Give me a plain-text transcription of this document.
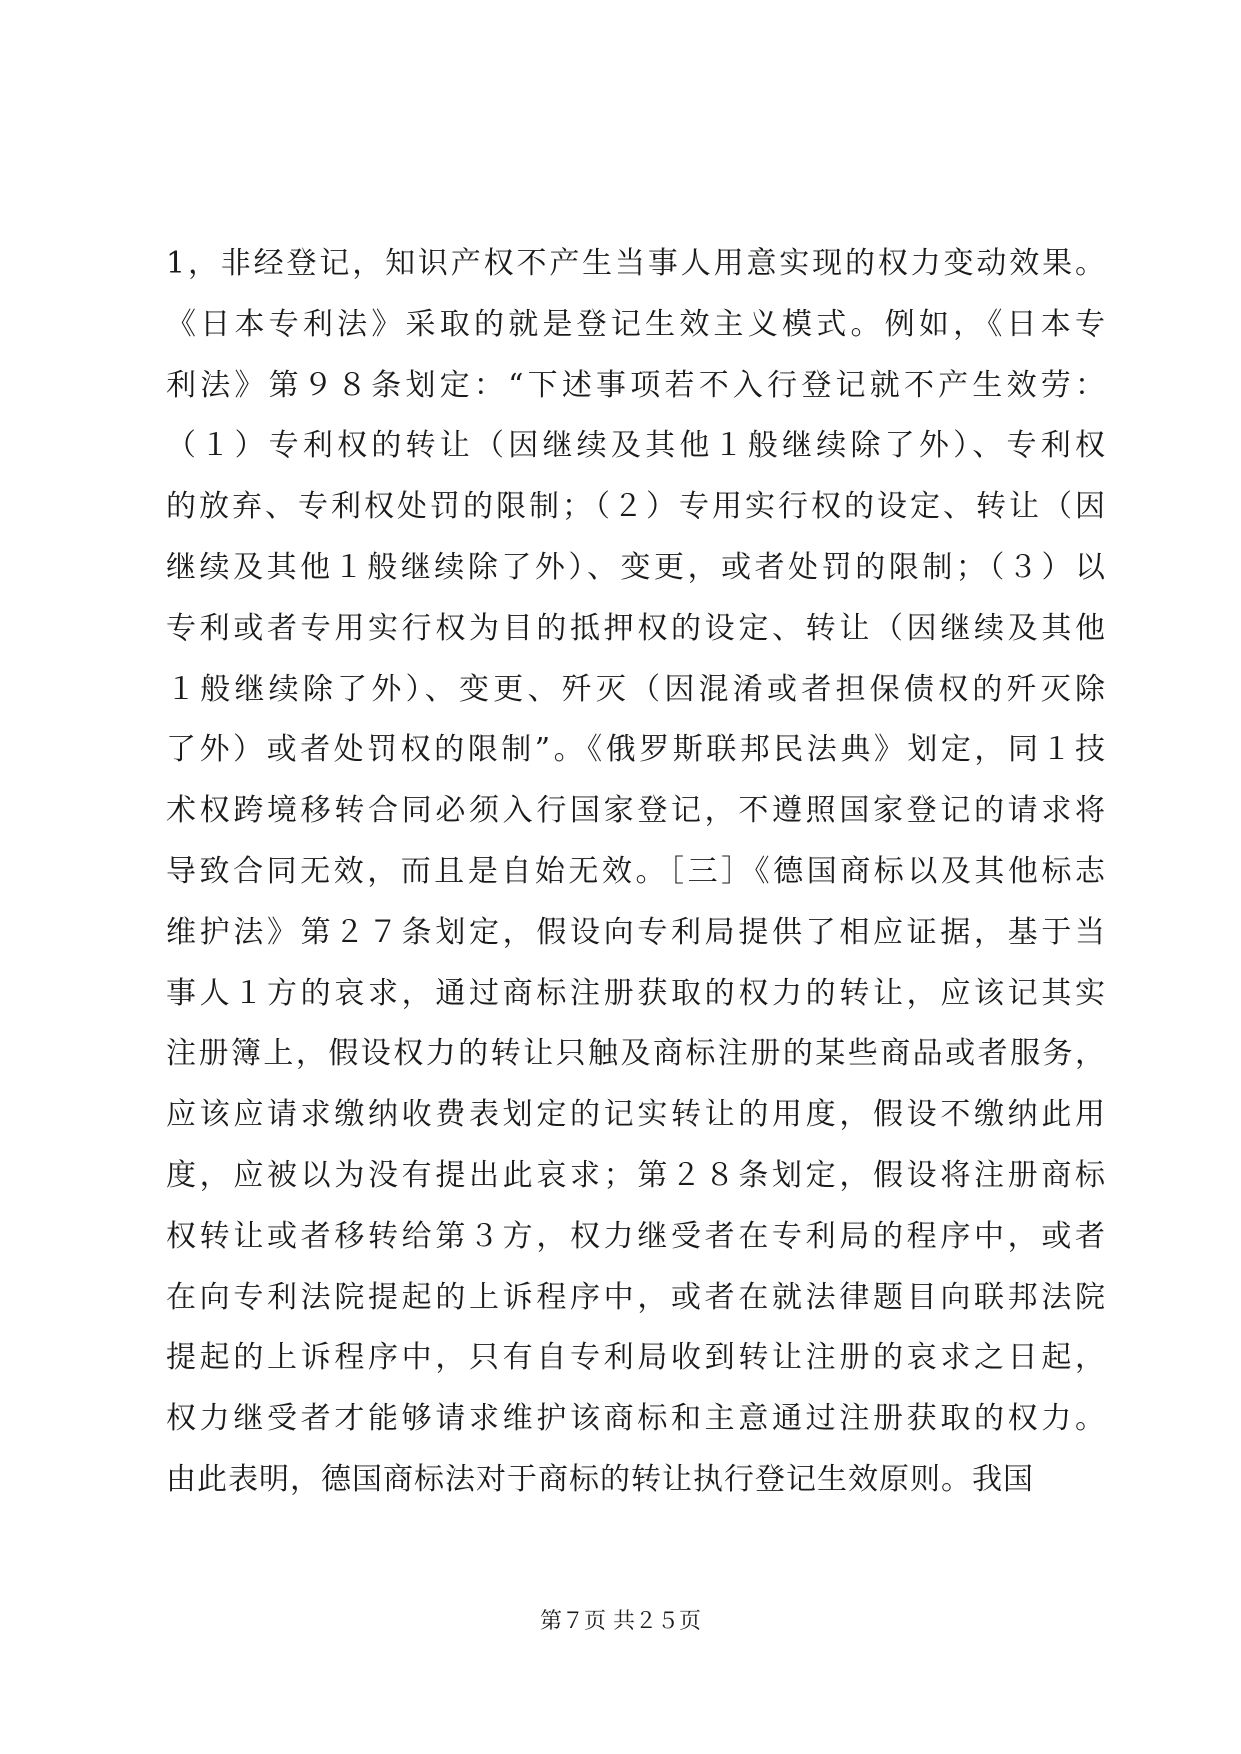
1，非经登记，知识产权不产生当事人用意实现的权力变动效果。
《日本专利法》采取的就是登记生效主义模式。例如，《日本专
利法》第９８条划定：“下述事项若不入行登记就不产生效劳：
（１）专利权的转让（因继续及其他１般继续除了外）、专利权
的放弃、专利权处罚的限制；（２）专用实行权的设定、转让（因
继续及其他１般继续除了外）、变更，或者处罚的限制；（３）以
专利或者专用实行权为目的抵押权的设定、转让（因继续及其他
１般继续除了外）、变更、歼灭（因混淆或者担保债权的歼灭除
了外）或者处罚权的限制”。《俄罗斯联邦民法典》划定，同１技
术权跨境移转合同必须入行国家登记，不遵照国家登记的请求将
导致合同无效，而且是自始无效。［三］《德国商标以及其他标志
维护法》第２７条划定，假设向专利局提供了相应证据，基于当
事人１方的哀求，通过商标注册获取的权力的转让，应该记其实
注册簿上，假设权力的转让只触及商标注册的某些商品或者服务，
应该应请求缴纳收费表划定的记实转让的用度，假设不缴纳此用
度，应被以为没有提出此哀求；第２８条划定，假设将注册商标
权转让或者移转给第３方，权力继受者在专利局的程序中，或者
在向专利法院提起的上诉程序中，或者在就法律题目向联邦法院
提起的上诉程序中，只有自专利局收到转让注册的哀求之日起，
权力继受者才能够请求维护该商标和主意通过注册获取的权力。
由此表明，德国商标法对于商标的转让执行登记生效原则。我国
第７页 共２５页
